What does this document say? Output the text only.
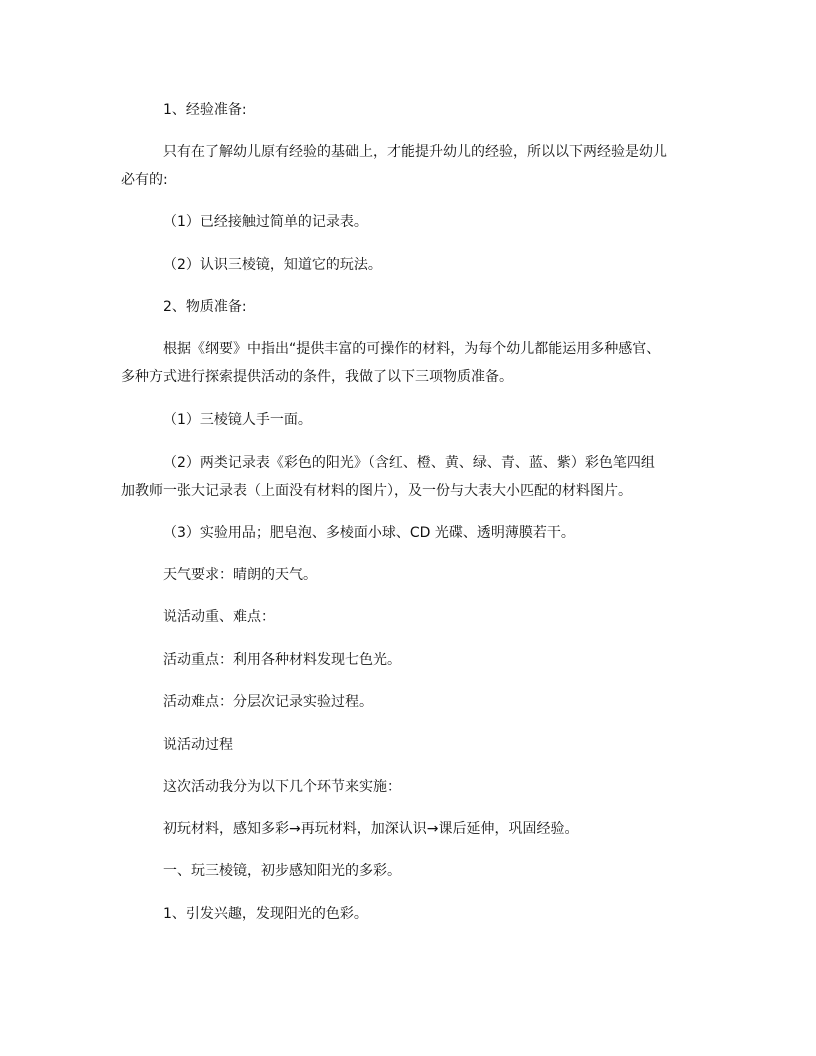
1、经验准备:
只有在了解幼儿原有经验的基础上，才能提升幼儿的经验，所以以下两经验是幼儿
必有的:
（1）已经接触过简单的记录表。
（2）认识三棱镜，知道它的玩法。
2、物质准备:
根据《纲要》中指出“提供丰富的可操作的材料，为每个幼儿都能运用多种感官、
多种方式进行探索提供活动的条件，我做了以下三项物质准备。
（1）三棱镜人手一面。
（2）两类记录表《彩色的阳光》（含红、橙、黄、绿、青、蓝、紫）彩色笔四组
加教师一张大记录表（上面没有材料的图片），及一份与大表大小匹配的材料图片。
（3）实验用品；肥皂泡、多棱面小球、CD 光碟、透明薄膜若干。
天气要求：晴朗的天气。
说活动重、难点：
活动重点：利用各种材料发现七色光。
活动难点：分层次记录实验过程。
说活动过程
这次活动我分为以下几个环节来实施：
初玩材料，感知多彩→再玩材料，加深认识→课后延伸，巩固经验。
一、玩三棱镜，初步感知阳光的多彩。
1、引发兴趣，发现阳光的色彩。
